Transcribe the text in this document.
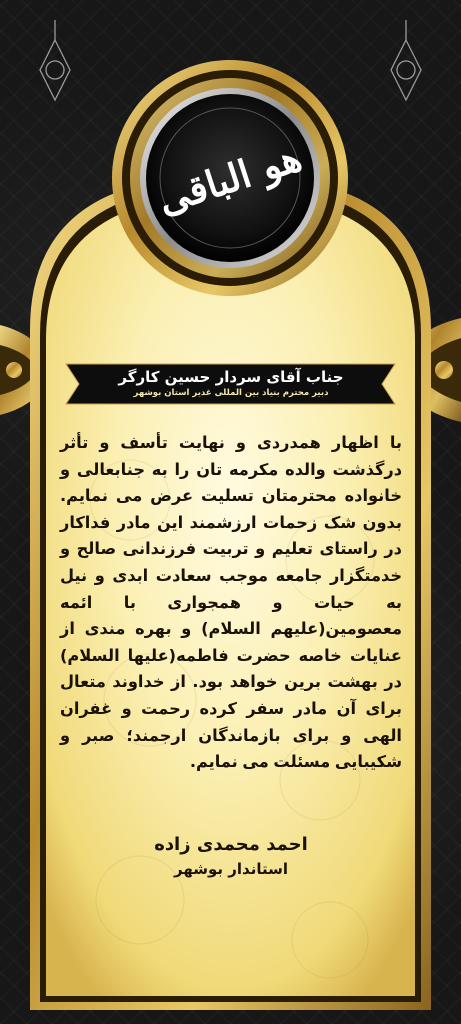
هو الباقی
جناب آقای سردار حسین کارگر
دبیر محترم بنیاد بین المللی غدیر استان بوشهر
با اظهار همدردی و نهایت تأسف و تأثر درگذشت والده مکرمه تان را به جنابعالی و خانواده محترمتان تسلیت عرض می نمایم. بدون شک زحمات ارزشمند این مادر فداکار در راستای تعلیم و تربیت فرزندانی صالح و خدمتگزار جامعه موجب سعادت ابدی و نیل به حیات و همجواری با ائمه معصومین(علیهم السلام) و بهره مندی از عنایات خاصه حضرت فاطمه(علیها السلام) در بهشت برین خواهد بود. از خداوند متعال برای آن مادر سفر کرده رحمت و غفران الهی و برای بازماندگان ارجمند؛ صبر و شکیبایی مسئلت می نمایم.
احمد محمدی زاده
استاندار بوشهر
